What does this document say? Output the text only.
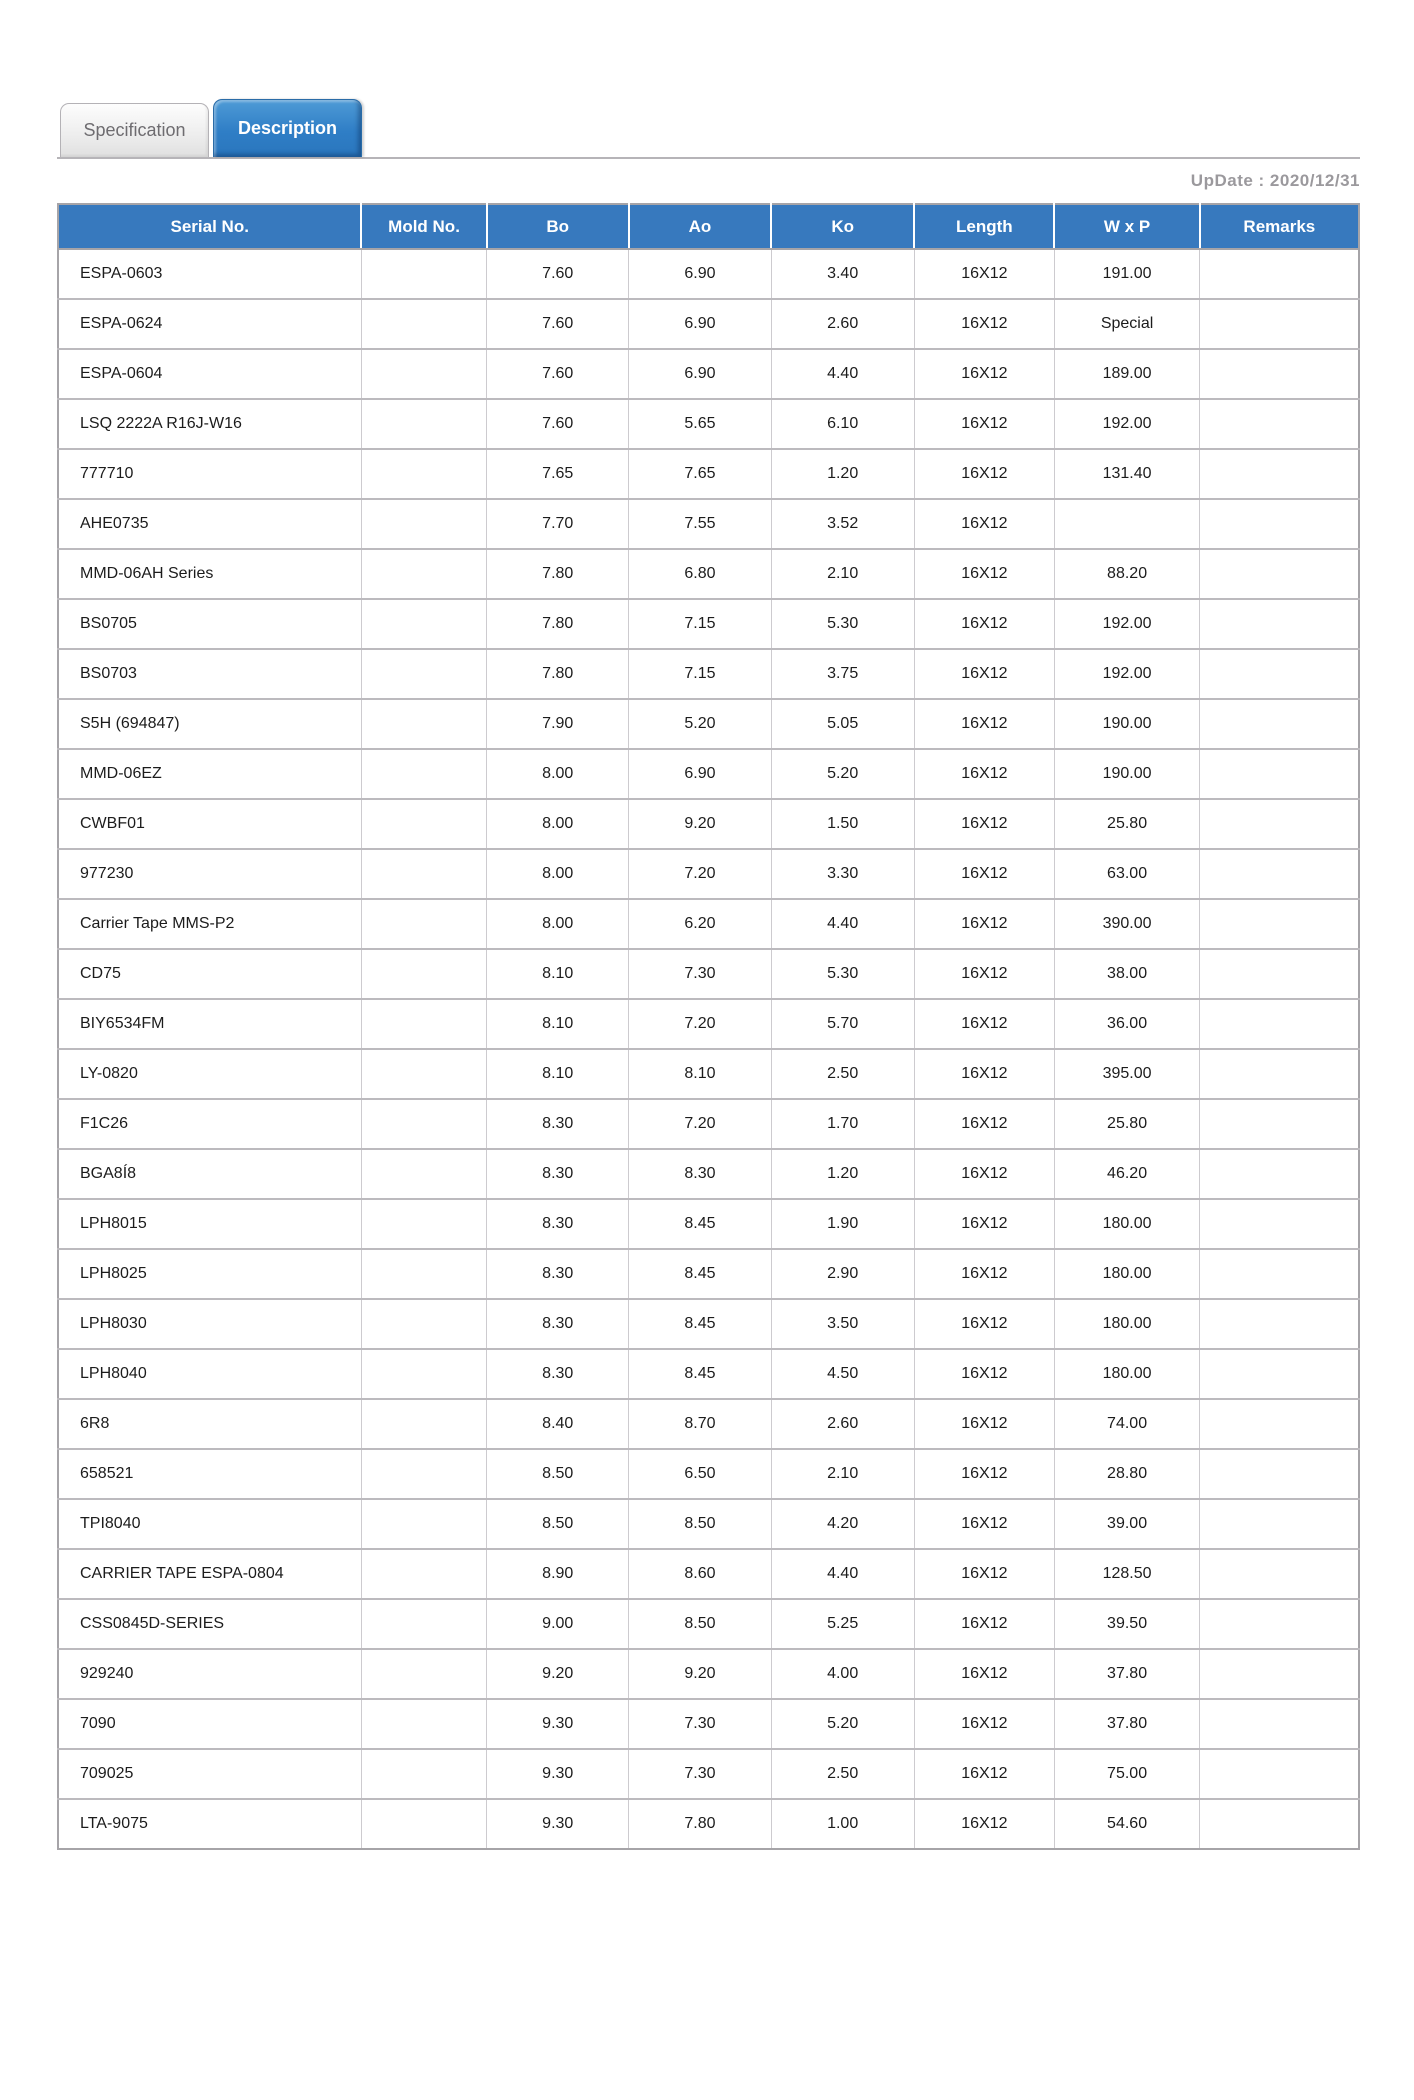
Specification	Description
UpDate : 2020/12/31
Serial No.	Mold No.	Bo	Ao	Ko	Length	W x P	Remarks
ESPA-0603		7.60	6.90	3.40	16X12	191.00	
ESPA-0624		7.60	6.90	2.60	16X12	Special	
ESPA-0604		7.60	6.90	4.40	16X12	189.00	
LSQ 2222A R16J-W16		7.60	5.65	6.10	16X12	192.00	
777710		7.65	7.65	1.20	16X12	131.40	
AHE0735		7.70	7.55	3.52	16X12		
MMD-06AH Series		7.80	6.80	2.10	16X12	88.20	
BS0705		7.80	7.15	5.30	16X12	192.00	
BS0703		7.80	7.15	3.75	16X12	192.00	
S5H (694847)		7.90	5.20	5.05	16X12	190.00	
MMD-06EZ		8.00	6.90	5.20	16X12	190.00	
CWBF01		8.00	9.20	1.50	16X12	25.80	
977230		8.00	7.20	3.30	16X12	63.00	
Carrier Tape MMS-P2		8.00	6.20	4.40	16X12	390.00	
CD75		8.10	7.30	5.30	16X12	38.00	
BIY6534FM		8.10	7.20	5.70	16X12	36.00	
LY-0820		8.10	8.10	2.50	16X12	395.00	
F1C26		8.30	7.20	1.70	16X12	25.80	
BGA8Í8		8.30	8.30	1.20	16X12	46.20	
LPH8015		8.30	8.45	1.90	16X12	180.00	
LPH8025		8.30	8.45	2.90	16X12	180.00	
LPH8030		8.30	8.45	3.50	16X12	180.00	
LPH8040		8.30	8.45	4.50	16X12	180.00	
6R8		8.40	8.70	2.60	16X12	74.00	
658521		8.50	6.50	2.10	16X12	28.80	
TPI8040		8.50	8.50	4.20	16X12	39.00	
CARRIER TAPE ESPA-0804		8.90	8.60	4.40	16X12	128.50	
CSS0845D-SERIES		9.00	8.50	5.25	16X12	39.50	
929240		9.20	9.20	4.00	16X12	37.80	
7090		9.30	7.30	5.20	16X12	37.80	
709025		9.30	7.30	2.50	16X12	75.00	
LTA-9075		9.30	7.80	1.00	16X12	54.60	
